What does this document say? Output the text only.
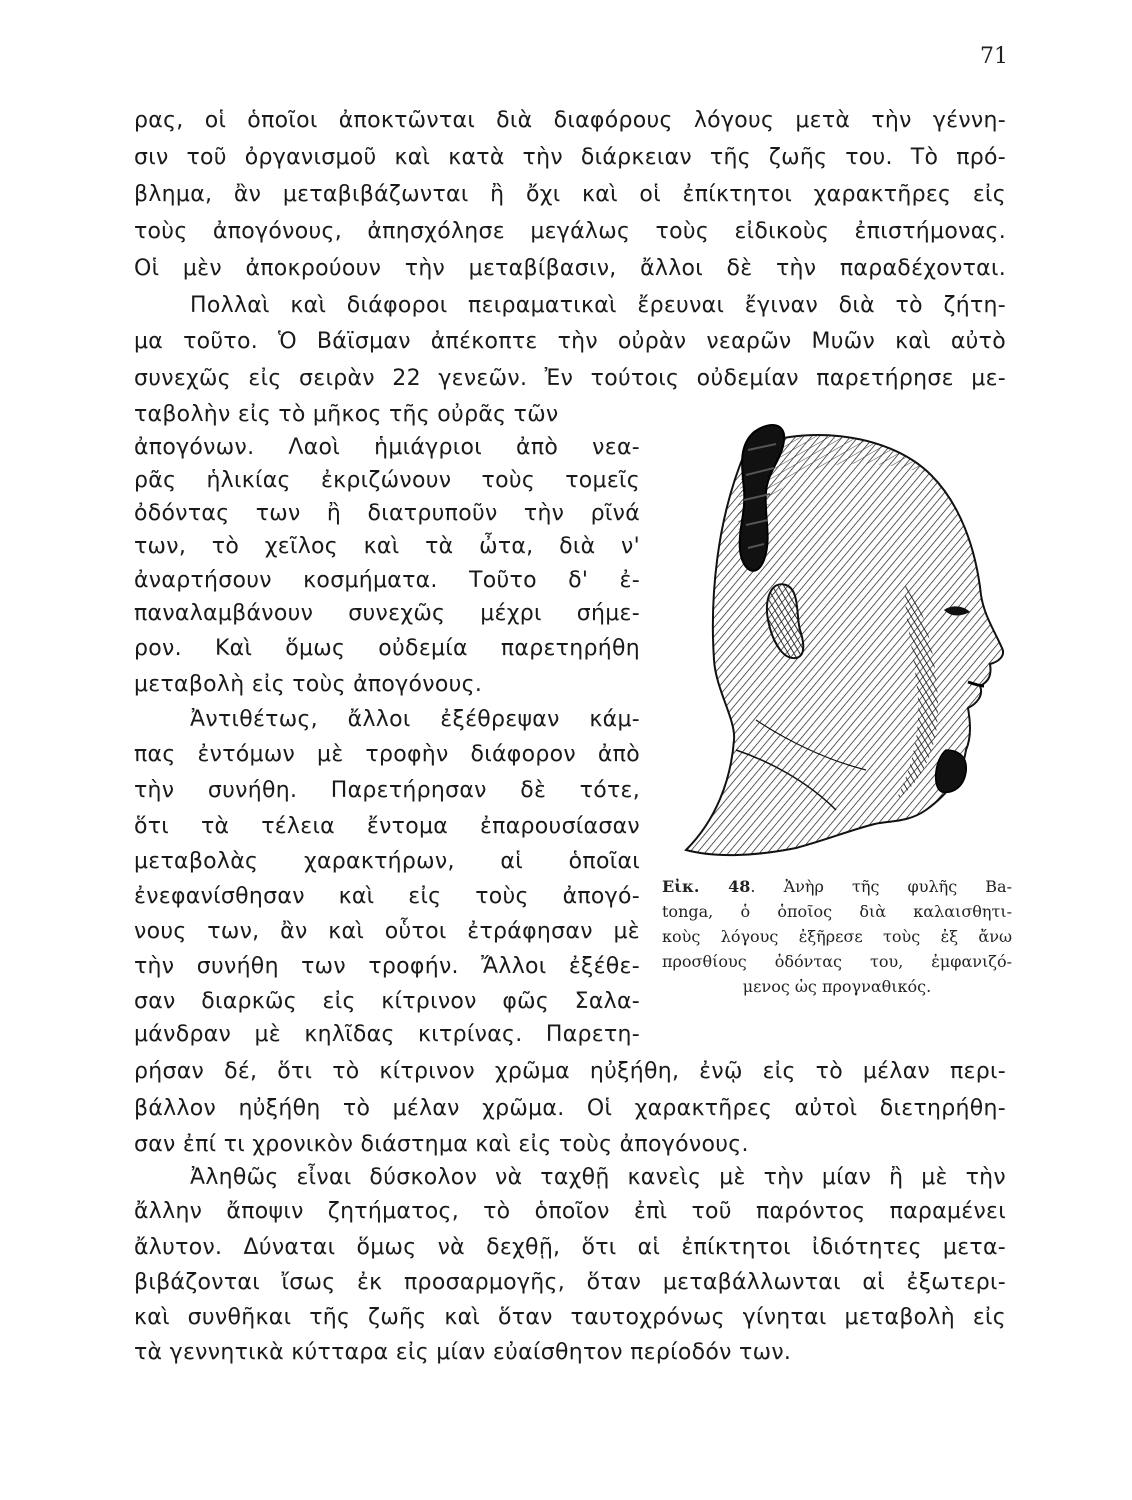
71
ρας, οἱ ὁποῖοι ἀποκτῶνται διὰ διαφόρους λόγους μετὰ τὴν γέννη-
σιν τοῦ ὀργανισμοῦ καὶ κατὰ τὴν διάρκειαν τῆς ζωῆς του. Τὸ πρό-
βλημα, ἂν μεταβιβάζωνται ἢ ὄχι καὶ οἱ ἐπίκτητοι χαρακτῆρες εἰς
τοὺς ἀπογόνους, ἀπησχόλησε μεγάλως τοὺς εἰδικοὺς ἐπιστήμονας.
Οἱ μὲν ἀποκρούουν τὴν μεταβίβασιν, ἄλλοι δὲ τὴν παραδέχονται.
Πολλαὶ καὶ διάφοροι πειραματικαὶ ἔρευναι ἔγιναν διὰ τὸ ζήτη-
μα τοῦτο. Ὁ Βάϊσμαν ἀπέκοπτε τὴν οὐρὰν νεαρῶν Μυῶν καὶ αὐτὸ
συνεχῶς εἰς σειρὰν 22 γενεῶν. Ἐν τούτοις οὐδεμίαν παρετήρησε με-
ταβολὴν εἰς τὸ μῆκος τῆς οὐρᾶς τῶν
ἀπογόνων. Λαοὶ ἡμιάγριοι ἀπὸ νεα-
ρᾶς ἡλικίας ἐκριζώνουν τοὺς τομεῖς
ὀδόντας των ἢ διατρυποῦν τὴν ρῖνά
των, τὸ χεῖλος καὶ τὰ ὦτα, διὰ ν'
ἀναρτήσουν κοσμήματα. Τοῦτο δ' ἐ-
παναλαμβάνουν συνεχῶς μέχρι σήμε-
ρον. Καὶ ὅμως οὐδεμία παρετηρήθη
μεταβολὴ εἰς τοὺς ἀπογόνους.
Ἀντιθέτως, ἄλλοι ἐξέθρεψαν κάμ-
πας ἐντόμων μὲ τροφὴν διάφορον ἀπὸ
τὴν συνήθη. Παρετήρησαν δὲ τότε,
ὅτι τὰ τέλεια ἔντομα ἐπαρουσίασαν
μεταβολὰς χαρακτήρων, αἱ ὁποῖαι
ἐνεφανίσθησαν καὶ εἰς τοὺς ἀπογό-
νους των, ἂν καὶ οὗτοι ἐτράφησαν μὲ
τὴν συνήθη των τροφήν. Ἄλλοι ἐξέθε-
σαν διαρκῶς εἰς κίτρινον φῶς Σαλα-
μάνδραν μὲ κηλῖδας κιτρίνας. Παρετη-
ρήσαν δέ, ὅτι τὸ κίτρινον χρῶμα ηὐξήθη, ἐνῷ εἰς τὸ μέλαν περι-
βάλλον ηὐξήθη τὸ μέλαν χρῶμα. Οἱ χαρακτῆρες αὐτοὶ διετηρήθη-
σαν ἐπί τι χρονικὸν διάστημα καὶ εἰς τοὺς ἀπογόνους.
Ἀληθῶς εἶναι δύσκολον νὰ ταχθῇ κανεὶς μὲ τὴν μίαν ἢ μὲ τὴν
ἄλλην ἄποψιν ζητήματος, τὸ ὁποῖον ἐπὶ τοῦ παρόντος παραμένει
ἄλυτον. Δύναται ὅμως νὰ δεχθῇ, ὅτι αἱ ἐπίκτητοι ἰδιότητες μετα-
βιβάζονται ἴσως ἐκ προσαρμογῆς, ὅταν μεταβάλλωνται αἱ ἐξωτερι-
καὶ συνθῆκαι τῆς ζωῆς καὶ ὅταν ταυτοχρόνως γίνηται μεταβολὴ εἰς
τὰ γεννητικὰ κύτταρα εἰς μίαν εὐαίσθητον περίοδόν των.
Εἰκ. 48. Ἀνὴρ τῆς φυλῆς Ba-
tonga, ὁ ὁποῖος διὰ καλαισθητι-
κοὺς λόγους ἐξῆρεσε τοὺς ἐξ ἄνω
προσθίους ὀδόντας του, ἐμφανιζό-
μενος ὡς προγναθικός.
